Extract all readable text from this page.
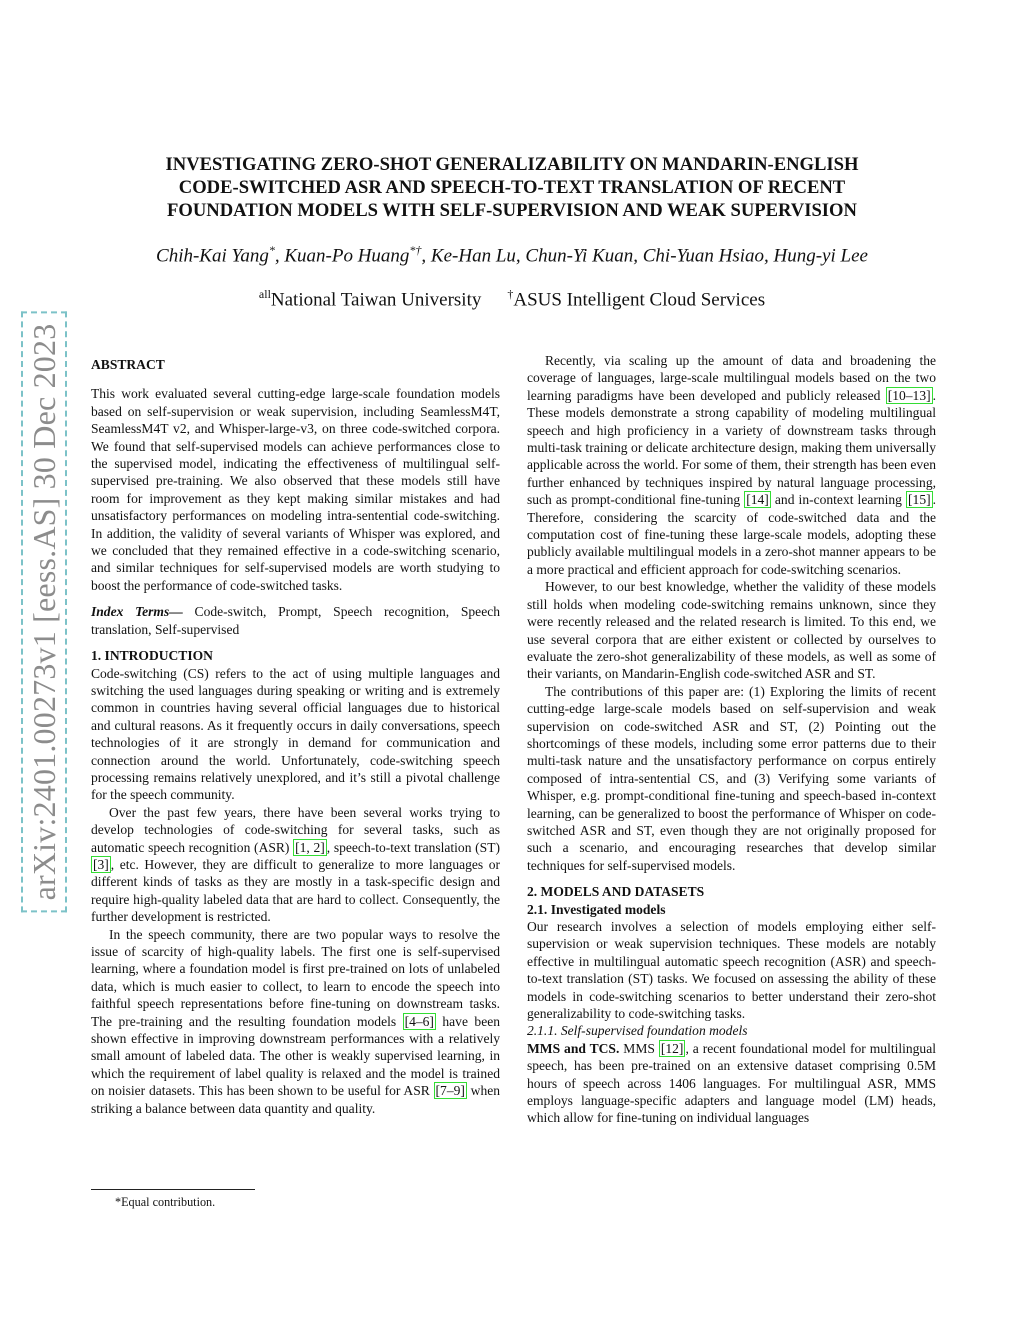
arXiv:2401.00273v1 [eess.AS] 30 Dec 2023
INVESTIGATING ZERO-SHOT GENERALIZABILITY ON MANDARIN-ENGLISH
CODE-SWITCHED ASR AND SPEECH-TO-TEXT TRANSLATION OF RECENT
FOUNDATION MODELS WITH SELF-SUPERVISION AND WEAK SUPERVISION
Chih-Kai Yang*, Kuan-Po Huang*†, Ke-Han Lu, Chun-Yi Kuan, Chi-Yuan Hsiao, Hung-yi Lee
$^{all}$National Taiwan University †ASUS Intelligent Cloud Services

ABSTRACT

This work evaluated several cutting-edge large-scale foundation models based on self-supervision or weak supervision, including SeamlessM4T, SeamlessM4T v2, and Whisper-large-v3, on three code-switched corpora. We found that self-supervised models can achieve performances close to the supervised model, indicating the effectiveness of multilingual self-supervised pre-training. We also observed that these models still have room for improvement as they kept making similar mistakes and had unsatisfactory performances on modeling intra-sentential code-switching. In addition, the validity of several variants of Whisper was explored, and we concluded that they remained effective in a code-switching scenario, and similar techniques for self-supervised models are worth studying to boost the performance of code-switched tasks.

Index Terms— Code-switch, Prompt, Speech recognition, Speech translation, Self-supervised

1. INTRODUCTION

Code-switching (CS) refers to the act of using multiple languages and switching the used languages during speaking or writing and is extremely common in countries having several official languages due to historical and cultural reasons. As it frequently occurs in daily conversations, speech technologies of it are strongly in demand for communication and connection around the world. Unfortunately, code-switching speech processing remains relatively unexplored, and it’s still a pivotal challenge for the speech community.

Over the past few years, there have been several works trying to develop technologies of code-switching for several tasks, such as automatic speech recognition (ASR) [1, 2] , speech-to-text translation (ST) [3] , etc. However, they are difficult to generalize to more languages or different kinds of tasks as they are mostly in a task-specific design and require high-quality labeled data that are hard to collect. Consequently, the further development is restricted.

In the speech community, there are two popular ways to resolve the issue of scarcity of high-quality labels. The first one is self-supervised learning, where a foundation model is first pre-trained on lots of unlabeled data, which is much easier to collect, to learn to encode the speech into faithful speech representations before fine-tuning on downstream tasks. The pre-training and the resulting foundation models [4–6] have been shown effective in improving downstream performances with a relatively small amount of labeled data. The other is weakly supervised learning, in which the requirement of label quality is relaxed and the model is trained on noisier datasets. This has been shown to be useful for ASR [7–9] when striking a balance between data quantity and quality.

Recently, via scaling up the amount of data and broadening the coverage of languages, large-scale multilingual models based on the two learning paradigms have been developed and publicly released [10–13] . These models demonstrate a strong capability of modeling multilingual speech and high proficiency in a variety of downstream tasks through multi-task training or delicate architecture design, making them universally applicable across the world. For some of them, their strength has been even further enhanced by techniques inspired by natural language processing, such as prompt-conditional fine-tuning [14] and in-context learning [15] . Therefore, considering the scarcity of code-switched data and the computation cost of fine-tuning these large-scale models, adopting these publicly available multilingual models in a zero-shot manner appears to be a more practical and efficient approach for code-switching scenarios.

However, to our best knowledge, whether the validity of these models still holds when modeling code-switching remains unknown, since they were recently released and the related research is limited. To this end, we use several corpora that are either existent or collected by ourselves to evaluate the zero-shot generalizability of these models, as well as some of their variants, on Mandarin-English code-switched ASR and ST.

The contributions of this paper are: (1) Exploring the limits of recent cutting-edge large-scale models based on self-supervision and weak supervision on code-switched ASR and ST, (2) Pointing out the shortcomings of these models, including some error patterns due to their multi-task nature and the unsatisfactory performance on corpus entirely composed of intra-sentential CS, and (3) Verifying some variants of Whisper, e.g. prompt-conditional fine-tuning and speech-based in-context learning, can be generalized to boost the performance of Whisper on code-switched ASR and ST, even though they are not originally proposed for such a scenario, and encouraging researches that develop similar techniques for self-supervised models.

2. MODELS AND DATASETS

2.1. Investigated models

Our research involves a selection of models employing either self-supervision or weak supervision techniques. These models are notably effective in multilingual automatic speech recognition (ASR) and speech-to-text translation (ST) tasks. We focused on assessing the ability of these models in code-switching scenarios to better understand their zero-shot generalizability to code-switching tasks.

2.1.1. Self-supervised foundation models

MMS and TCS. MMS [12] , a recent foundational model for multilingual speech, has been pre-trained on an extensive dataset comprising 0.5M hours of speech across 1406 languages. For multilingual ASR, MMS employs language-specific adapters and language model (LM) heads, which allow for fine-tuning on individual languages

*Equal contribution.
